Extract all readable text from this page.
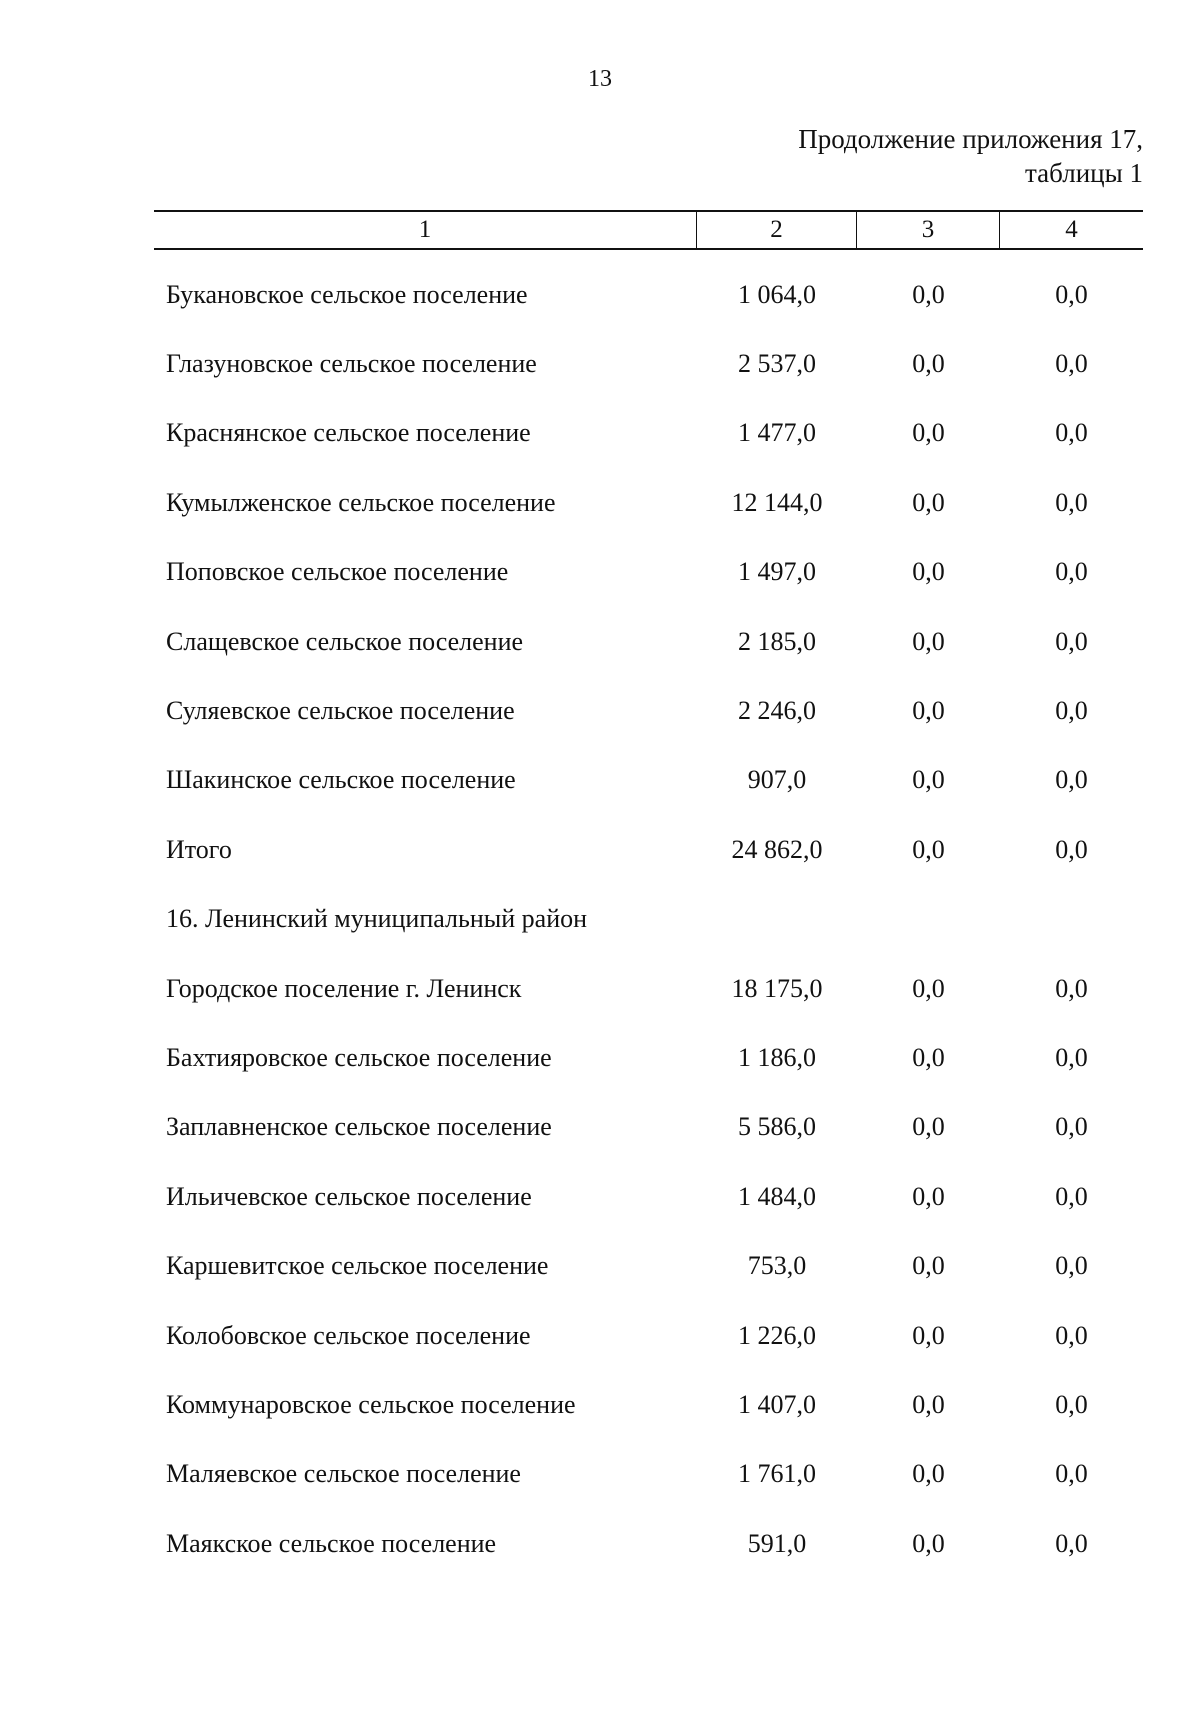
13
Продолжение приложения 17,
таблицы 1
1	2	3	4
Букановское сельское поселение	1 064,0	0,0	0,0
Глазуновское сельское поселение	2 537,0	0,0	0,0
Краснянское сельское поселение	1 477,0	0,0	0,0
Кумылженское сельское поселение	12 144,0	0,0	0,0
Поповское сельское поселение	1 497,0	0,0	0,0
Слащевское сельское поселение	2 185,0	0,0	0,0
Суляевское сельское поселение	2 246,0	0,0	0,0
Шакинское сельское поселение	907,0	0,0	0,0
Итого	24 862,0	0,0	0,0
16. Ленинский муниципальный район
Городское поселение г. Ленинск	18 175,0	0,0	0,0
Бахтияровское сельское поселение	1 186,0	0,0	0,0
Заплавненское сельское поселение	5 586,0	0,0	0,0
Ильичевское сельское поселение	1 484,0	0,0	0,0
Каршевитское сельское поселение	753,0	0,0	0,0
Колобовское сельское поселение	1 226,0	0,0	0,0
Коммунаровское сельское поселение	1 407,0	0,0	0,0
Маляевское сельское поселение	1 761,0	0,0	0,0
Маякское сельское поселение	591,0	0,0	0,0
